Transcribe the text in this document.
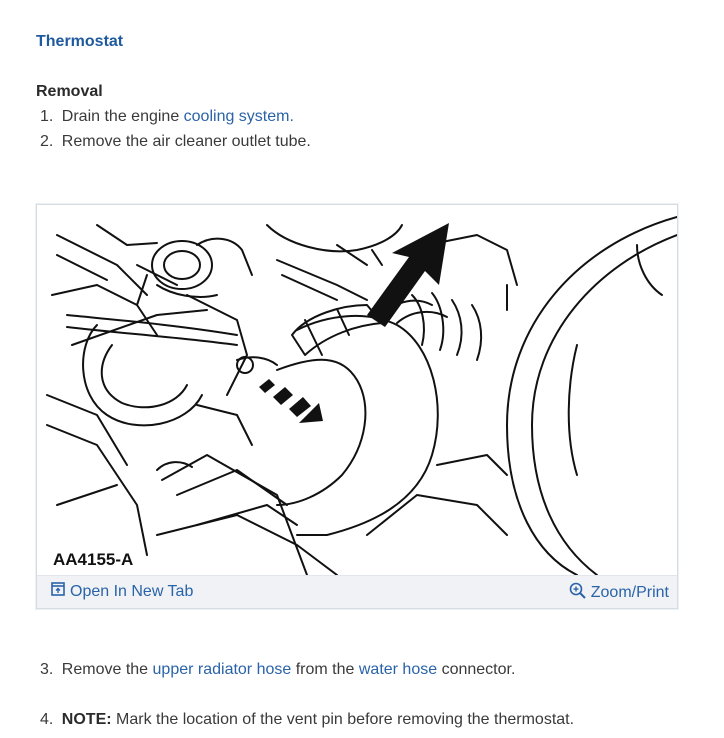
Thermostat
Removal
1. Drain the engine cooling system.
2. Remove the air cleaner outlet tube.
AA4155-A
Open In New Tab	Zoom/Print
3. Remove the upper radiator hose from the water hose connector.
4. NOTE: Mark the location of the vent pin before removing the thermostat.
